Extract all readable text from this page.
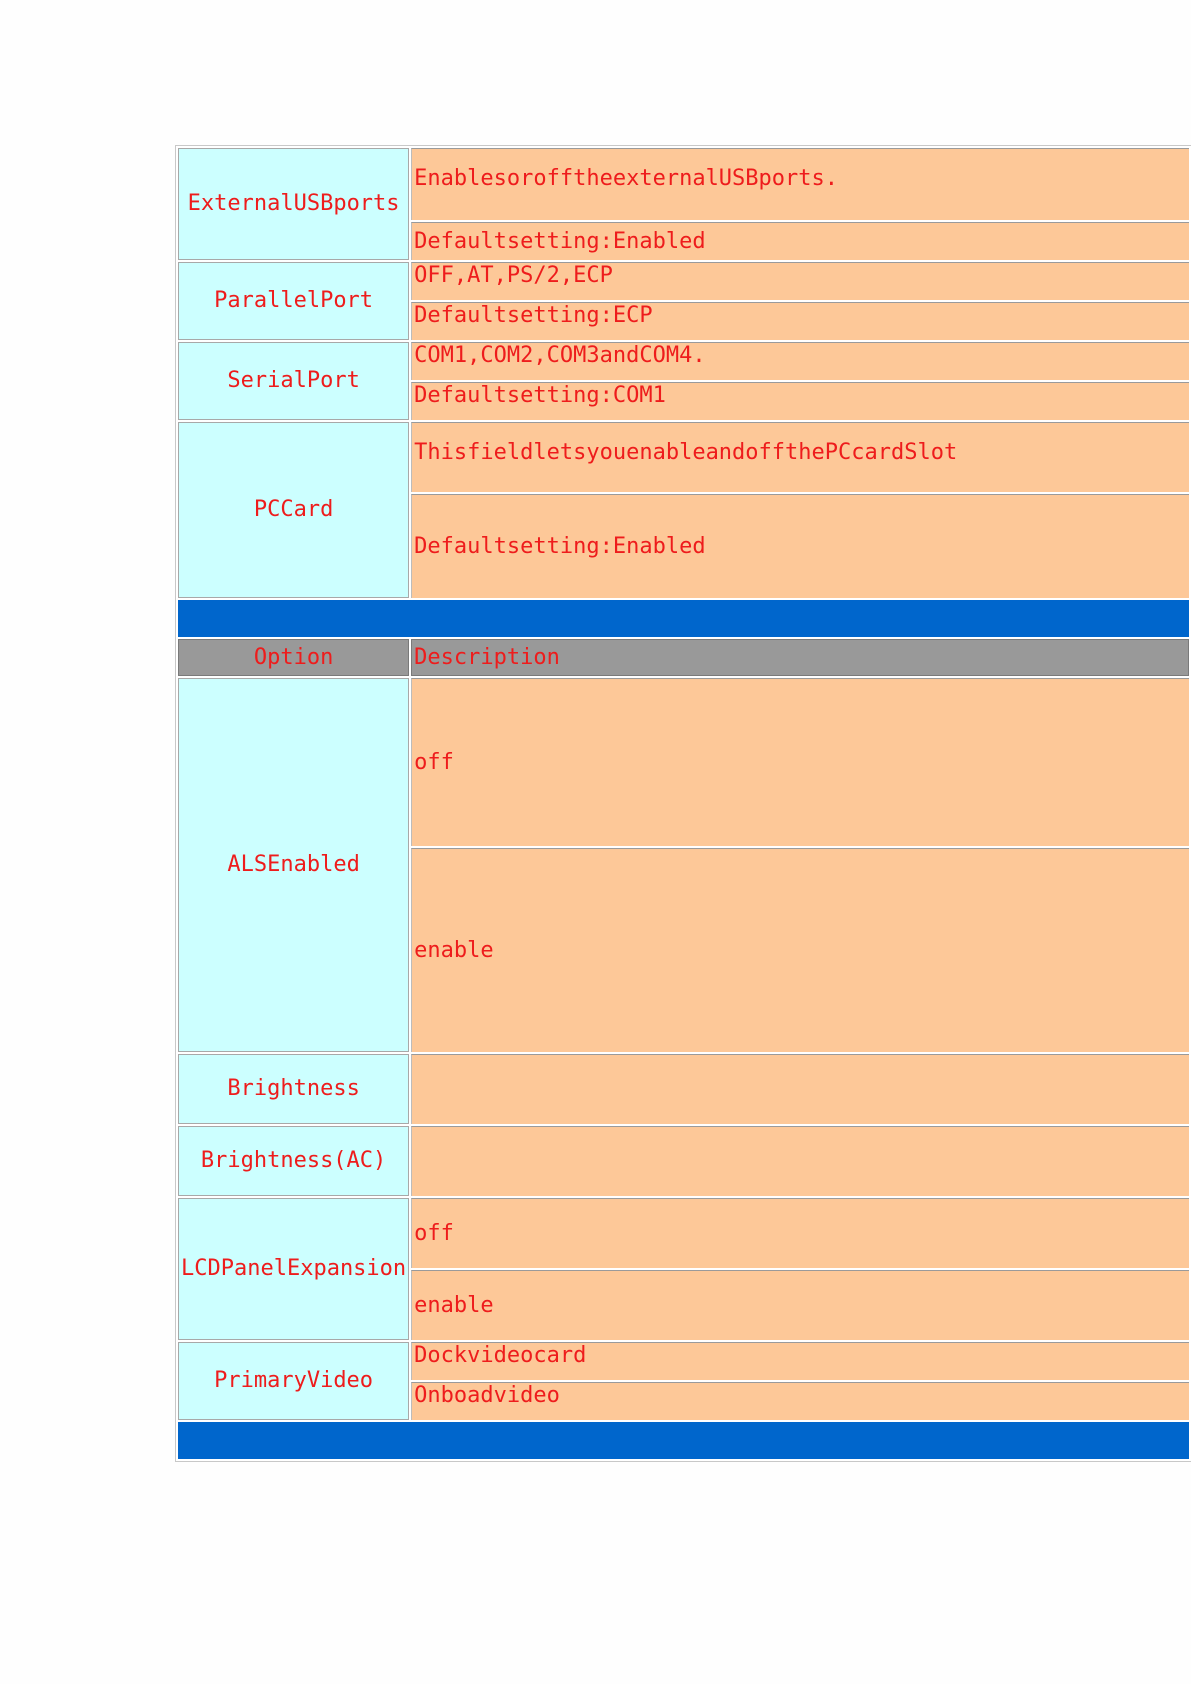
ExternalUSBports	EnablesorofftheexternalUSBports.
	Defaultsetting:Enabled
ParallelPort	OFF,AT,PS/2,ECP
	Defaultsetting:ECP
SerialPort	COM1,COM2,COM3andCOM4.
	Defaultsetting:COM1
PCCard	ThisfieldletsyouenableandoffthePCcardSlot
	Defaultsetting:Enabled

Option	Description
ALSEnabled	off
	enable
Brightness	
Brightness(AC)	
LCDPanelExpansion	off
	enable
PrimaryVideo	Dockvideocard
	Onboadvideo
